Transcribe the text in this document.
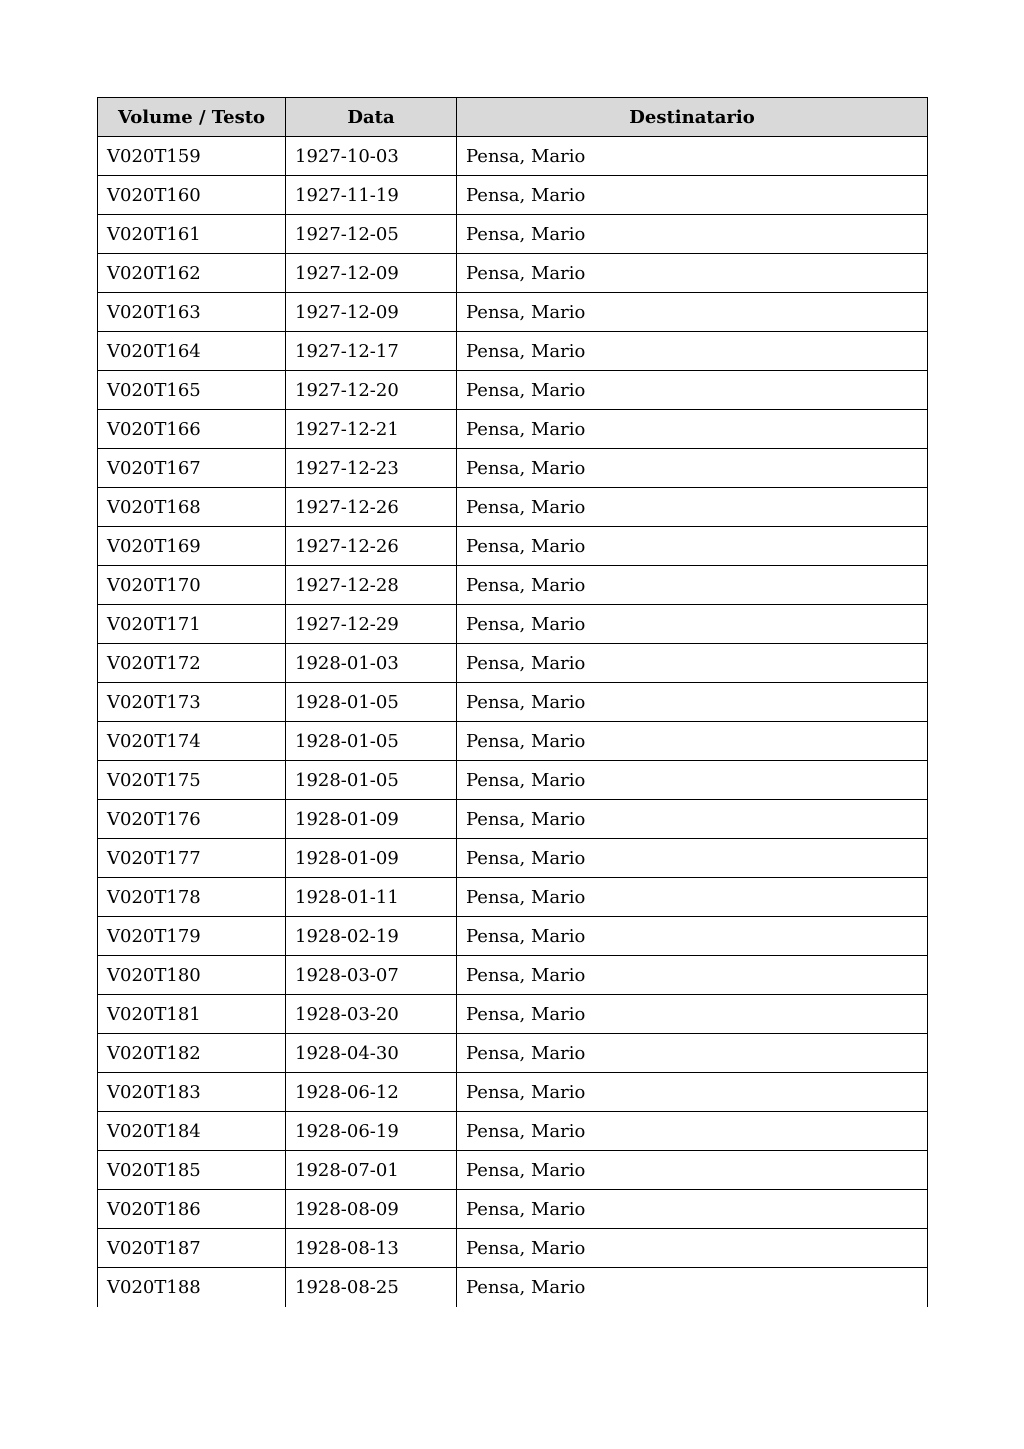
Volume / Testo	Data	Destinatario
V020T159	1927-10-03	Pensa, Mario
V020T160	1927-11-19	Pensa, Mario
V020T161	1927-12-05	Pensa, Mario
V020T162	1927-12-09	Pensa, Mario
V020T163	1927-12-09	Pensa, Mario
V020T164	1927-12-17	Pensa, Mario
V020T165	1927-12-20	Pensa, Mario
V020T166	1927-12-21	Pensa, Mario
V020T167	1927-12-23	Pensa, Mario
V020T168	1927-12-26	Pensa, Mario
V020T169	1927-12-26	Pensa, Mario
V020T170	1927-12-28	Pensa, Mario
V020T171	1927-12-29	Pensa, Mario
V020T172	1928-01-03	Pensa, Mario
V020T173	1928-01-05	Pensa, Mario
V020T174	1928-01-05	Pensa, Mario
V020T175	1928-01-05	Pensa, Mario
V020T176	1928-01-09	Pensa, Mario
V020T177	1928-01-09	Pensa, Mario
V020T178	1928-01-11	Pensa, Mario
V020T179	1928-02-19	Pensa, Mario
V020T180	1928-03-07	Pensa, Mario
V020T181	1928-03-20	Pensa, Mario
V020T182	1928-04-30	Pensa, Mario
V020T183	1928-06-12	Pensa, Mario
V020T184	1928-06-19	Pensa, Mario
V020T185	1928-07-01	Pensa, Mario
V020T186	1928-08-09	Pensa, Mario
V020T187	1928-08-13	Pensa, Mario
V020T188	1928-08-25	Pensa, Mario
